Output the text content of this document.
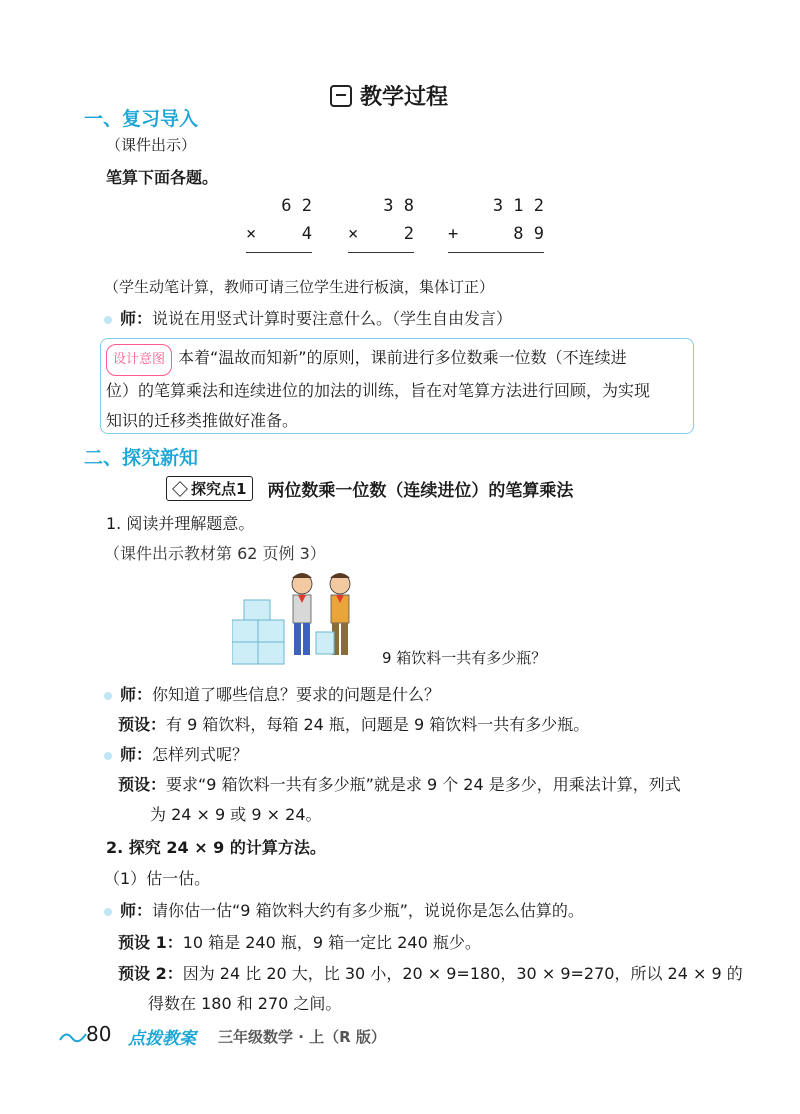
教学过程
一、复习导入
（课件出示）
笔算下面各题。
6 2
×	4
3 8
×	2
3 1 2
+	8 9
（学生动笔计算，教师可请三位学生进行板演，集体订正）
师：说说在用竖式计算时要注意什么。（学生自由发言）
设计意图 本着“温故而知新”的原则，课前进行多位数乘一位数（不连续进
位）的笔算乘法和连续进位的加法的训练，旨在对笔算方法进行回顾，为实现
知识的迁移类推做好准备。
二、探究新知
探究点1 两位数乘一位数（连续进位）的笔算乘法
1. 阅读并理解题意。
（课件出示教材第 62 页例 3）
9 箱饮料一共有多少瓶？
师：你知道了哪些信息？要求的问题是什么？
预设：有 9 箱饮料，每箱 24 瓶，问题是 9 箱饮料一共有多少瓶。
师：怎样列式呢？
预设：要求“9 箱饮料一共有多少瓶”就是求 9 个 24 是多少，用乘法计算，列式
为 24 × 9 或 9 × 24。
2. 探究 24 × 9 的计算方法。
（1）估一估。
师：请你估一估“9 箱饮料大约有多少瓶”，说说你是怎么估算的。
预设 1：10 箱是 240 瓶，9 箱一定比 240 瓶少。
预设 2：因为 24 比 20 大，比 30 小，20 × 9=180，30 × 9=270，所以 24 × 9 的
得数在 180 和 270 之间。
80 点拨教案 三年级数学 · 上（R 版）
